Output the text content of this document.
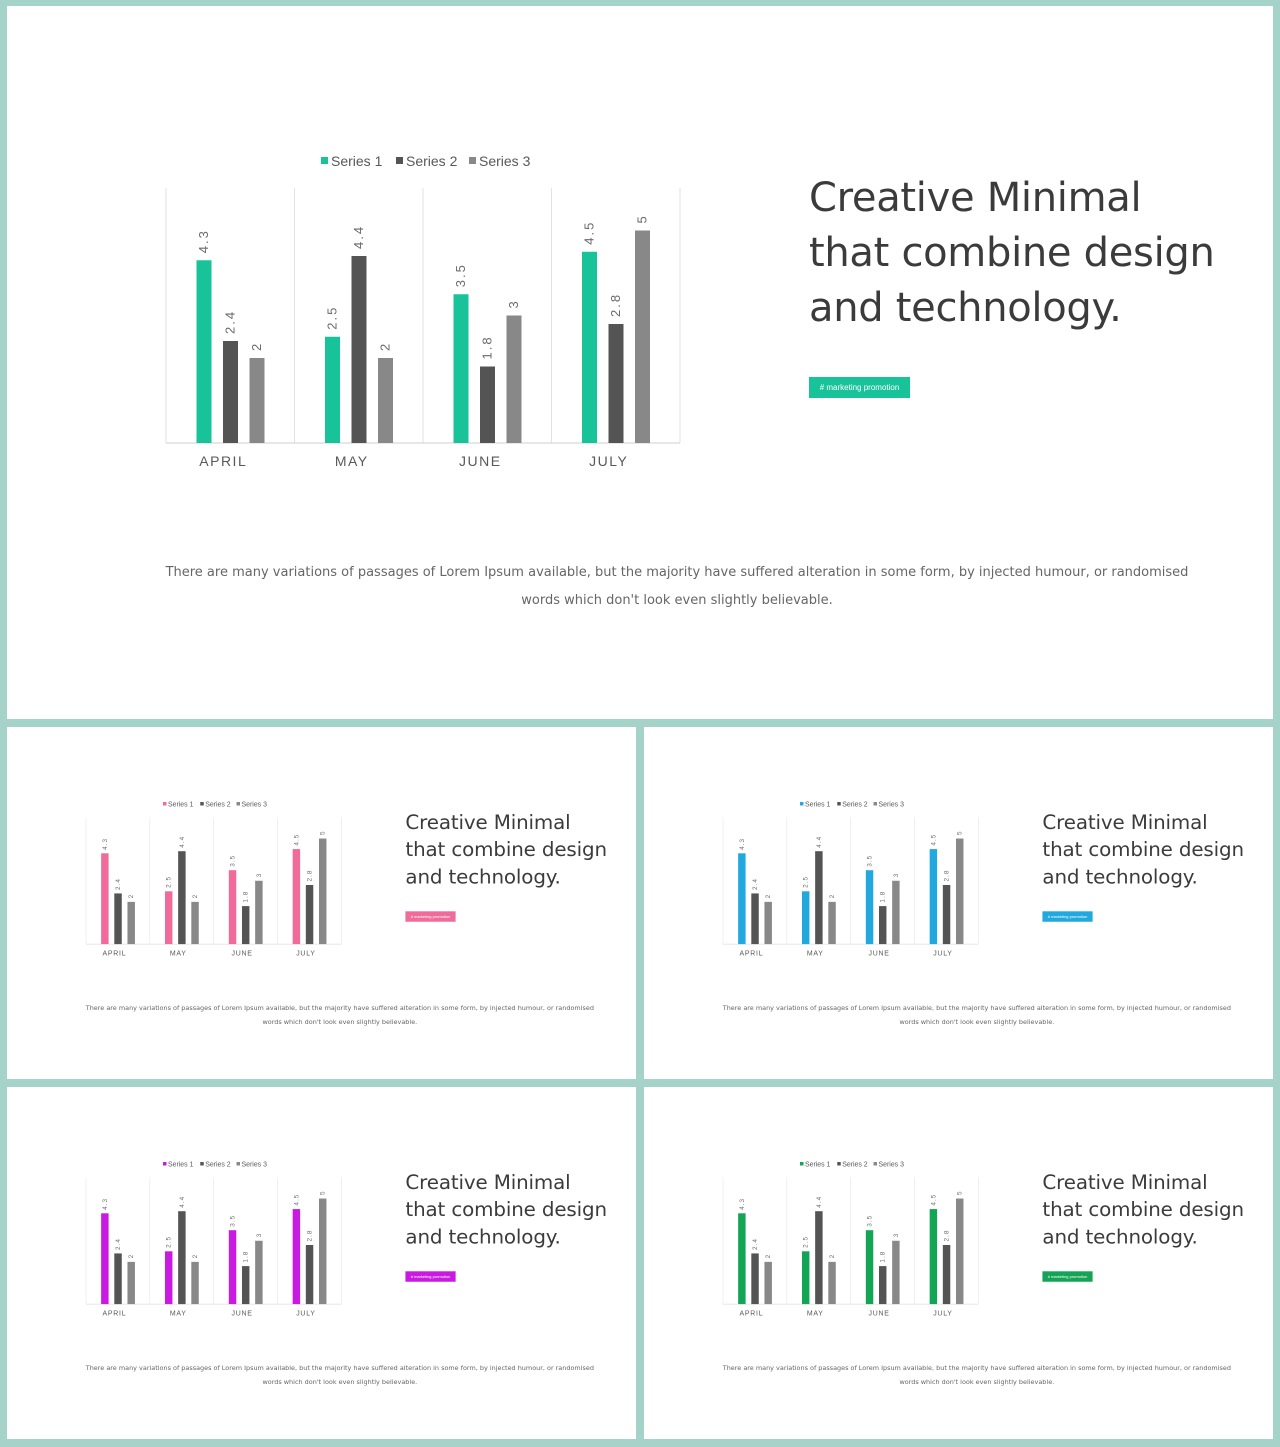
4.3
2.5
3.5
4.5
2.4
4.4
1.8
2.8
2	2
3
5
APRIL	MAY	JUNE	JULY
Series 1 Series 2 Series 3
Creative Minimal
that combine design
and technology.
# marketing promotion

There are many variations of passages of Lorem Ipsum available, but the majority have suffered alteration in some form, by injected humour, or randomised words which don't look even slightly believable.

4.3
2.5
3.5
4.5
2.4
4.4
1.8
2.8
2	2
3
5
APRIL	MAY	JUNE	JULY
Series 1 Series 2 Series 3
Creative Minimal
that combine design
and technology.
# marketing promotion

There are many variations of passages of Lorem Ipsum available, but the majority have suffered alteration in some form, by injected humour, or randomised words which don't look even slightly believable.

4.3
2.5
3.5
4.5
2.4
4.4
1.8
2.8
2	2
3
5
APRIL	MAY	JUNE	JULY
Series 1 Series 2 Series 3
Creative Minimal
that combine design
and technology.
# marketing promotion

There are many variations of passages of Lorem Ipsum available, but the majority have suffered alteration in some form, by injected humour, or randomised words which don't look even slightly believable.

4.3
2.5
3.5
4.5
2.4
4.4
1.8
2.8
2	2
3
5
APRIL	MAY	JUNE	JULY
Series 1 Series 2 Series 3
Creative Minimal
that combine design
and technology.
# marketing promotion

There are many variations of passages of Lorem Ipsum available, but the majority have suffered alteration in some form, by injected humour, or randomised words which don't look even slightly believable.

4.3
2.5
3.5
4.5
2.4
4.4
1.8
2.8
2	2
3
5
APRIL	MAY	JUNE	JULY
Series 1 Series 2 Series 3
Creative Minimal
that combine design
and technology.
# marketing promotion

There are many variations of passages of Lorem Ipsum available, but the majority have suffered alteration in some form, by injected humour, or randomised words which don't look even slightly believable.
